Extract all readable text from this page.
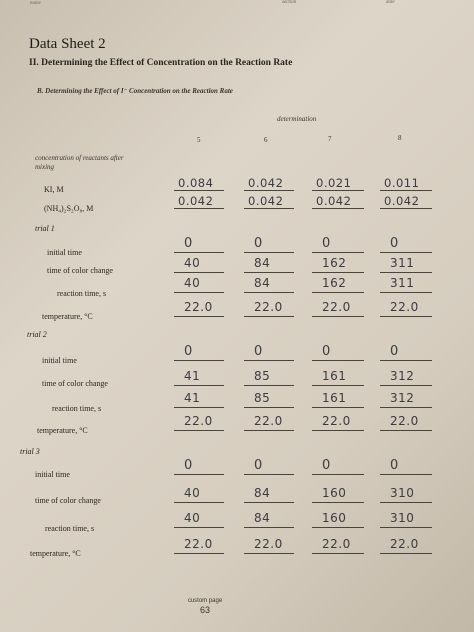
name	section	date
Data Sheet 2
II. Determining the Effect of Concentration on the Reaction Rate
B. Determining the Effect of I⁻ Concentration on the Reaction Rate
determination
5	6	7	8
concentration of reactants after
mixing
KI, M
(NH₄)₂S₂O₈, M
0.084	0.042	0.021	0.011
0.042	0.042	0.042	0.042
trial 1
initial time
0	0	0	0
time of color change
40	84	162	311
reaction time, s
40	84	162	311
temperature, °C
22.0	22.0	22.0	22.0
trial 2
initial time
0	0	0	0
time of color change
41	85	161	312
reaction time, s
41	85	161	312
temperature, °C
22.0	22.0	22.0	22.0
trial 3
initial time
0	0	0	0
time of color change
40	84	160	310
reaction time, s
40	84	160	310
temperature, °C
22.0	22.0	22.0	22.0
custom page
63
